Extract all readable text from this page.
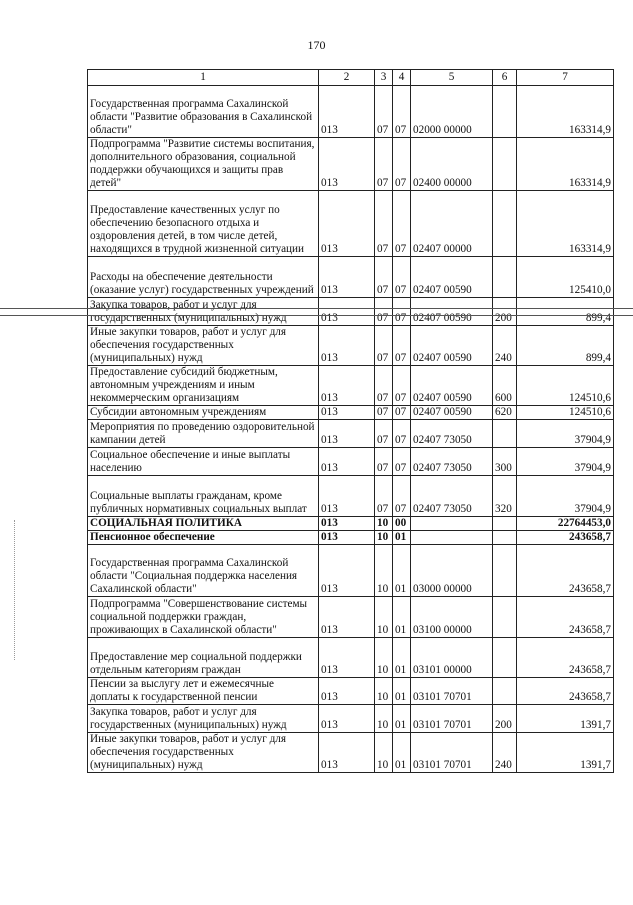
170
1	2	3	4	5	6	7
Государственная программа Сахалинской области "Развитие образования в Сахалинской области"	013	07	07	02000 00000		163314,9
Подпрограмма "Развитие системы воспитания, дополнительного образования, социальной поддержки обучающихся и защиты прав детей"	013	07	07	02400 00000		163314,9
Предоставление качественных услуг по обеспечению безопасного отдыха и оздоровления детей, в том числе детей, находящихся в трудной жизненной ситуации	013	07	07	02407 00000		163314,9
Расходы на обеспечение деятельности (оказание услуг) государственных учреждений	013	07	07	02407 00590		125410,0
Закупка товаров, работ и услуг для государственных (муниципальных) нужд	013	07	07	02407 00590	200	899,4
Иные закупки товаров, работ и услуг для обеспечения государственных (муниципальных) нужд	013	07	07	02407 00590	240	899,4
Предоставление субсидий бюджетным, автономным учреждениям и иным некоммерческим организациям	013	07	07	02407 00590	600	124510,6
Субсидии автономным учреждениям	013	07	07	02407 00590	620	124510,6
Мероприятия по проведению оздоровительной кампании детей	013	07	07	02407 73050		37904,9
Социальное обеспечение и иные выплаты населению	013	07	07	02407 73050	300	37904,9
Социальные выплаты гражданам, кроме публичных нормативных социальных выплат	013	07	07	02407 73050	320	37904,9
СОЦИАЛЬНАЯ ПОЛИТИКА	013	10	00			22764453,0
Пенсионное обеспечение	013	10	01			243658,7
Государственная программа Сахалинской области "Социальная поддержка населения Сахалинской области"	013	10	01	03000 00000		243658,7
Подпрограмма "Совершенствование системы социальной поддержки граждан, проживающих в Сахалинской области"	013	10	01	03100 00000		243658,7
Предоставление мер социальной поддержки отдельным категориям граждан	013	10	01	03101 00000		243658,7
Пенсии за выслугу лет и ежемесячные доплаты к государственной пенсии	013	10	01	03101 70701		243658,7
Закупка товаров, работ и услуг для государственных (муниципальных) нужд	013	10	01	03101 70701	200	1391,7
Иные закупки товаров, работ и услуг для обеспечения государственных (муниципальных) нужд	013	10	01	03101 70701	240	1391,7
